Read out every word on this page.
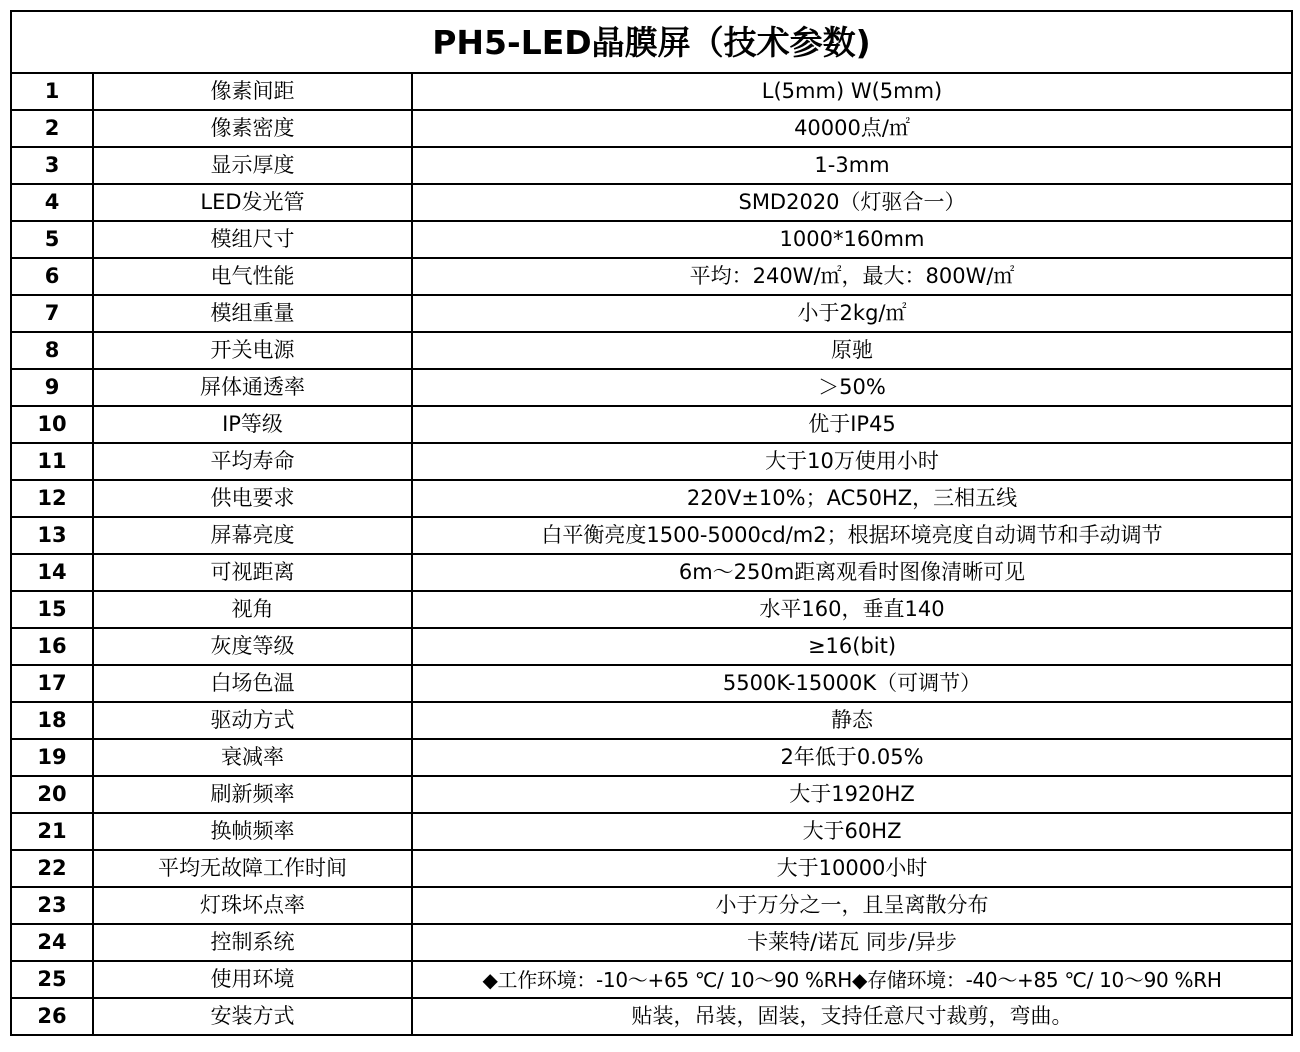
PH5-LED晶膜屏（技术参数)		
1	像素间距	L(5mm) W(5mm)
2	像素密度	40000点/㎡
3	显示厚度	1-3mm
4	LED发光管	SMD2020（灯驱合一）
5	模组尺寸	1000*160mm
6	电气性能	平均：240W/㎡，最大：800W/㎡
7	模组重量	小于2kg/㎡
8	开关电源	原驰
9	屏体通透率	＞50%
10	IP等级	优于IP45
11	平均寿命	大于10万使用小时
12	供电要求	220V±10%；AC50HZ，三相五线
13	屏幕亮度	白平衡亮度1500-5000cd/m2；根据环境亮度自动调节和手动调节
14	可视距离	6m～250m距离观看时图像清晰可见
15	视角	水平160，垂直140
16	灰度等级	≥16(bit)
17	白场色温	5500K-15000K（可调节）
18	驱动方式	静态
19	衰减率	2年低于0.05%
20	刷新频率	大于1920HZ
21	换帧频率	大于60HZ
22	平均无故障工作时间	大于10000小时
23	灯珠坏点率	小于万分之一，且呈离散分布
24	控制系统	卡莱特/诺瓦 同步/异步
25	使用环境	◆工作环境：-10～+65 ℃/ 10～90 %RH◆存储环境：-40～+85 ℃/ 10～90 %RH
26	安装方式	贴装，吊装，固装，支持任意尺寸裁剪，弯曲。
